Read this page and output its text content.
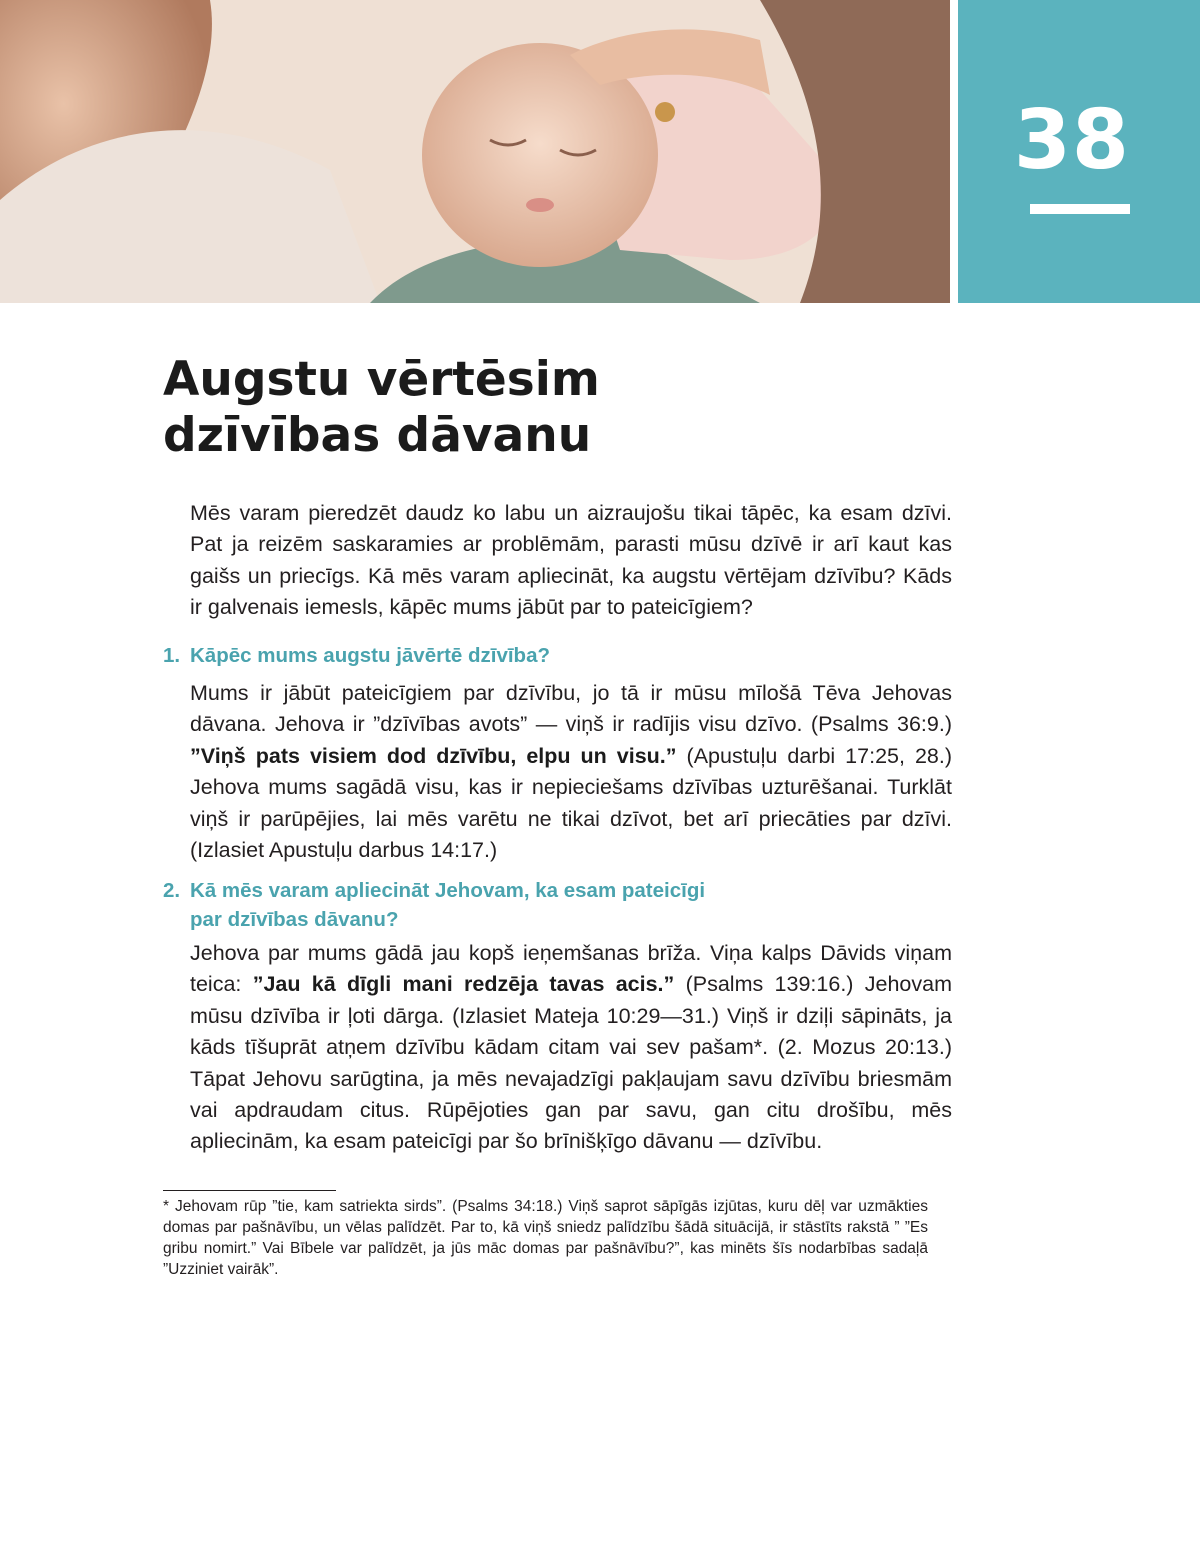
38
Augstu vērtēsim
dzīvības dāvanu

Mēs varam pieredzēt daudz ko labu un aizraujošu tikai tāpēc, ka esam dzīvi. Pat ja reizēm saskaramies ar problēmām, parasti mūsu dzīvē ir arī kaut kas gaišs un priecīgs. Kā mēs varam apliecināt, ka augstu vērtējam dzīvību? Kāds ir galvenais iemesls, kāpēc mums jābūt par to pateicīgiem?

1. Kāpēc mums augstu jāvērtē dzīvība?

Mums ir jābūt pateicīgiem par dzīvību, jo tā ir mūsu mīlošā Tēva Jehovas dāvana. Jehova ir ”dzīvības avots” — viņš ir radījis visu dzīvo. (Psalms 36:9.) ”Viņš pats visiem dod dzīvību, elpu un visu.” (Apustuļu darbi 17:25, 28.) Jehova mums sagādā visu, kas ir nepieciešams dzīvības uzturēšanai. Turklāt viņš ir parūpējies, lai mēs varētu ne tikai dzīvot, bet arī priecāties par dzīvi. (Izlasiet Apustuļu darbus 14:17.)

2. Kā mēs varam apliecināt Jehovam, ka esam pateicīgi
par dzīvības dāvanu?

Jehova par mums gādā jau kopš ieņemšanas brīža. Viņa kalps Dāvids viņam teica: ”Jau kā dīgli mani redzēja tavas acis.” (Psalms 139:16.) Jehovam mūsu dzīvība ir ļoti dārga. (Izlasiet Mateja 10:29—31.) Viņš ir dziļi sāpināts, ja kāds tīšuprāt atņem dzīvību kādam citam vai sev pašam*. (2. Mozus 20:13.) Tāpat Jehovu sarūgtina, ja mēs nevajadzīgi pakļaujam savu dzīvību briesmām vai apdraudam citus. Rūpējoties gan par savu, gan citu drošību, mēs apliecinām, ka esam pateicīgi par šo brīnišķīgo dāvanu — dzīvību.

* Jehovam rūp ”tie, kam satriekta sirds”. (Psalms 34:18.) Viņš saprot sāpīgās izjūtas, kuru dēļ var uzmākties domas par pašnāvību, un vēlas palīdzēt. Par to, kā viņš sniedz palīdzību šādā situācijā, ir stāstīts rakstā ” ”Es gribu nomirt.” Vai Bībele var palīdzēt, ja jūs māc domas par pašnāvību?”, kas minēts šīs nodarbības sadaļā ”Uzziniet vairāk”.
